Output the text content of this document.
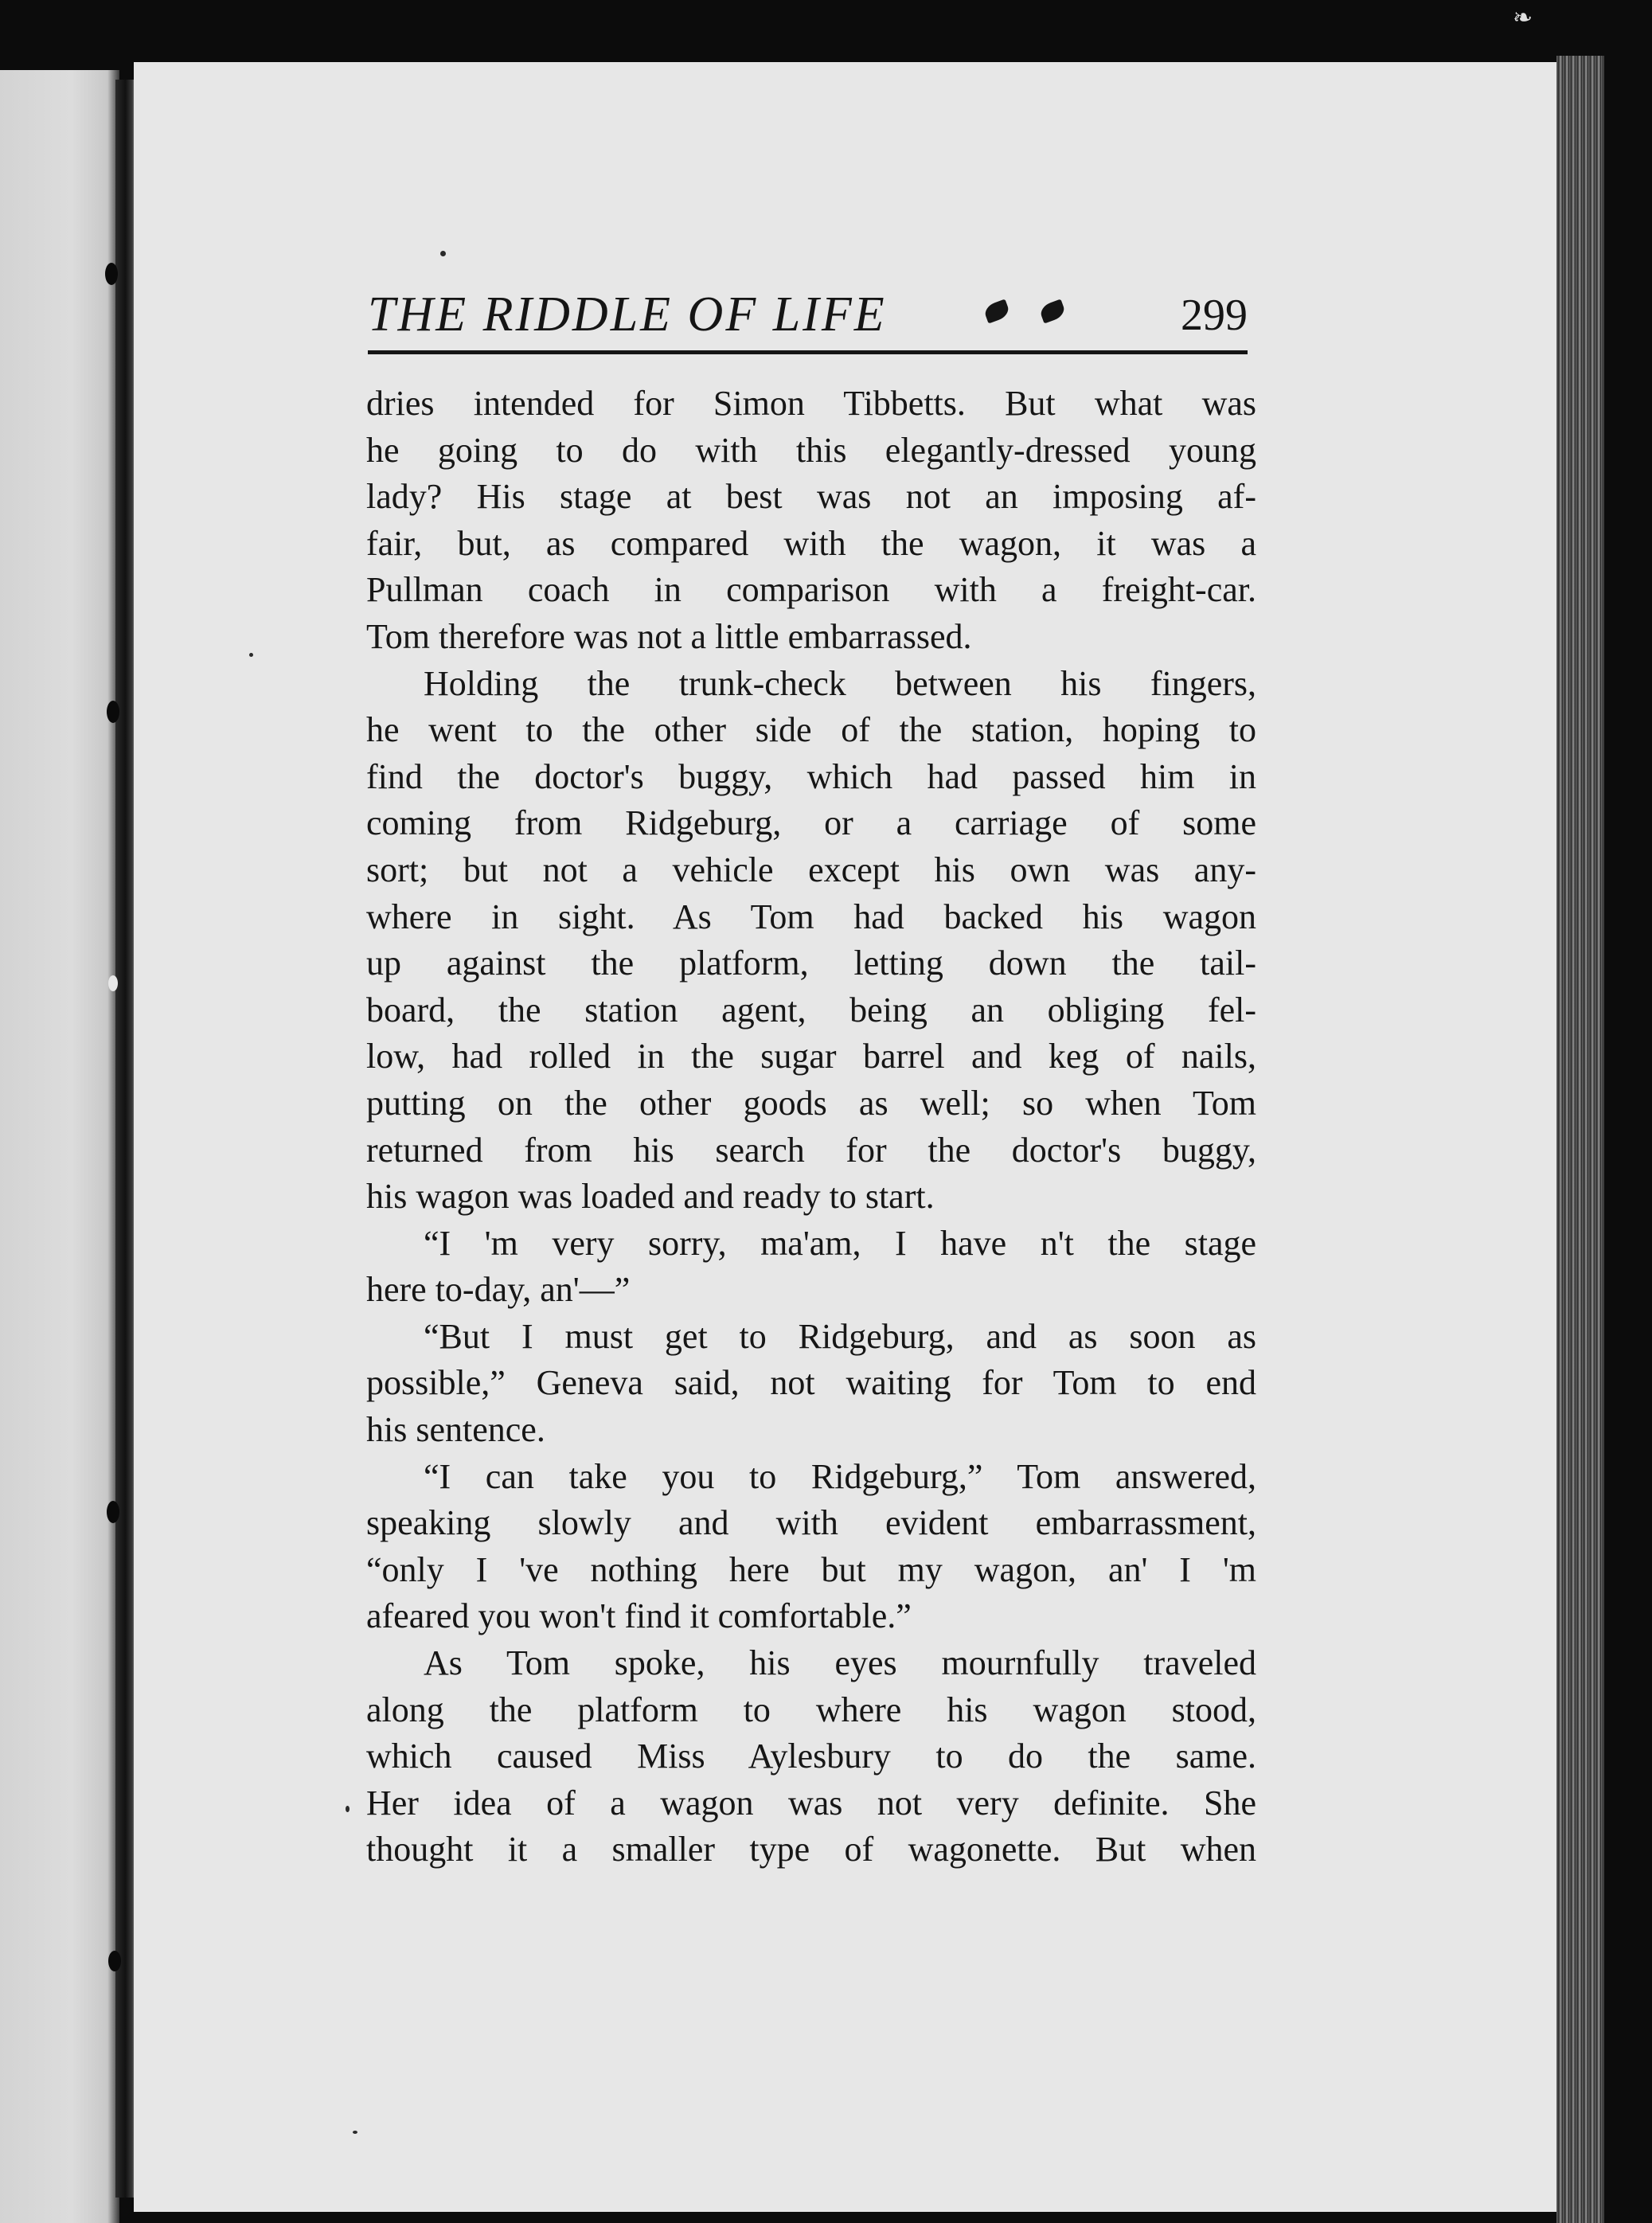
❧
THE RIDDLE OF LIFE	299
dries intended for Simon Tibbetts. But what was
he going to do with this elegantly-dressed young
lady? His stage at best was not an imposing af-
fair, but, as compared with the wagon, it was a
Pullman coach in comparison with a freight-car.
Tom therefore was not a little embarrassed.
Holding the trunk-check between his fingers,
he went to the other side of the station, hoping to
find the doctor's buggy, which had passed him in
coming from Ridgeburg, or a carriage of some
sort; but not a vehicle except his own was any-
where in sight. As Tom had backed his wagon
up against the platform, letting down the tail-
board, the station agent, being an obliging fel-
low, had rolled in the sugar barrel and keg of nails,
putting on the other goods as well; so when Tom
returned from his search for the doctor's buggy,
his wagon was loaded and ready to start.
“I 'm very sorry, ma'am, I have n't the stage
here to-day, an'—”
“But I must get to Ridgeburg, and as soon as
possible,” Geneva said, not waiting for Tom to end
his sentence.
“I can take you to Ridgeburg,” Tom answered,
speaking slowly and with evident embarrassment,
“only I 've nothing here but my wagon, an' I 'm
afeared you won't find it comfortable.”
As Tom spoke, his eyes mournfully traveled
along the platform to where his wagon stood,
which caused Miss Aylesbury to do the same.
Her idea of a wagon was not very definite. She
thought it a smaller type of wagonette. But when
